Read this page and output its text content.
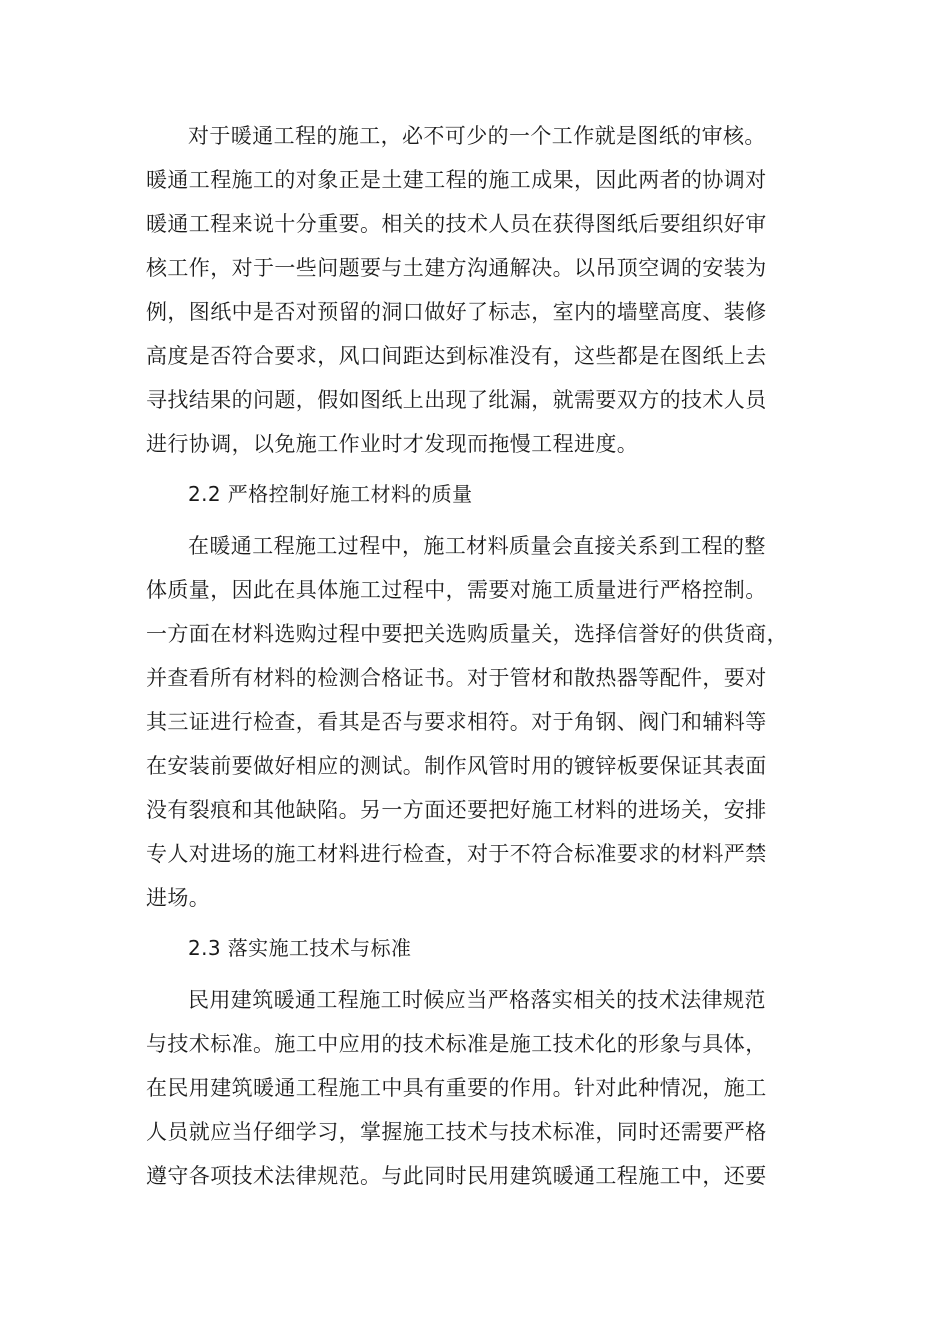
对于暖通工程的施工，必不可少的一个工作就是图纸的审核。
暖通工程施工的对象正是土建工程的施工成果，因此两者的协调对
暖通工程来说十分重要。相关的技术人员在获得图纸后要组织好审
核工作，对于一些问题要与土建方沟通解决。以吊顶空调的安装为
例，图纸中是否对预留的洞口做好了标志，室内的墙壁高度、装修
高度是否符合要求，风口间距达到标准没有，这些都是在图纸上去
寻找结果的问题，假如图纸上出现了纰漏，就需要双方的技术人员
进行协调，以免施工作业时才发现而拖慢工程进度。
2.2 严格控制好施工材料的质量
在暖通工程施工过程中，施工材料质量会直接关系到工程的整
体质量，因此在具体施工过程中，需要对施工质量进行严格控制。
一方面在材料选购过程中要把关选购质量关，选择信誉好的供货商，
并查看所有材料的检测合格证书。对于管材和散热器等配件，要对
其三证进行检查，看其是否与要求相符。对于角钢、阀门和辅料等
在安装前要做好相应的测试。制作风管时用的镀锌板要保证其表面
没有裂痕和其他缺陷。另一方面还要把好施工材料的进场关，安排
专人对进场的施工材料进行检查，对于不符合标准要求的材料严禁
进场。
2.3 落实施工技术与标准
民用建筑暖通工程施工时候应当严格落实相关的技术法律规范
与技术标准。施工中应用的技术标准是施工技术化的形象与具体，
在民用建筑暖通工程施工中具有重要的作用。针对此种情况，施工
人员就应当仔细学习，掌握施工技术与技术标准，同时还需要严格
遵守各项技术法律规范。与此同时民用建筑暖通工程施工中，还要
